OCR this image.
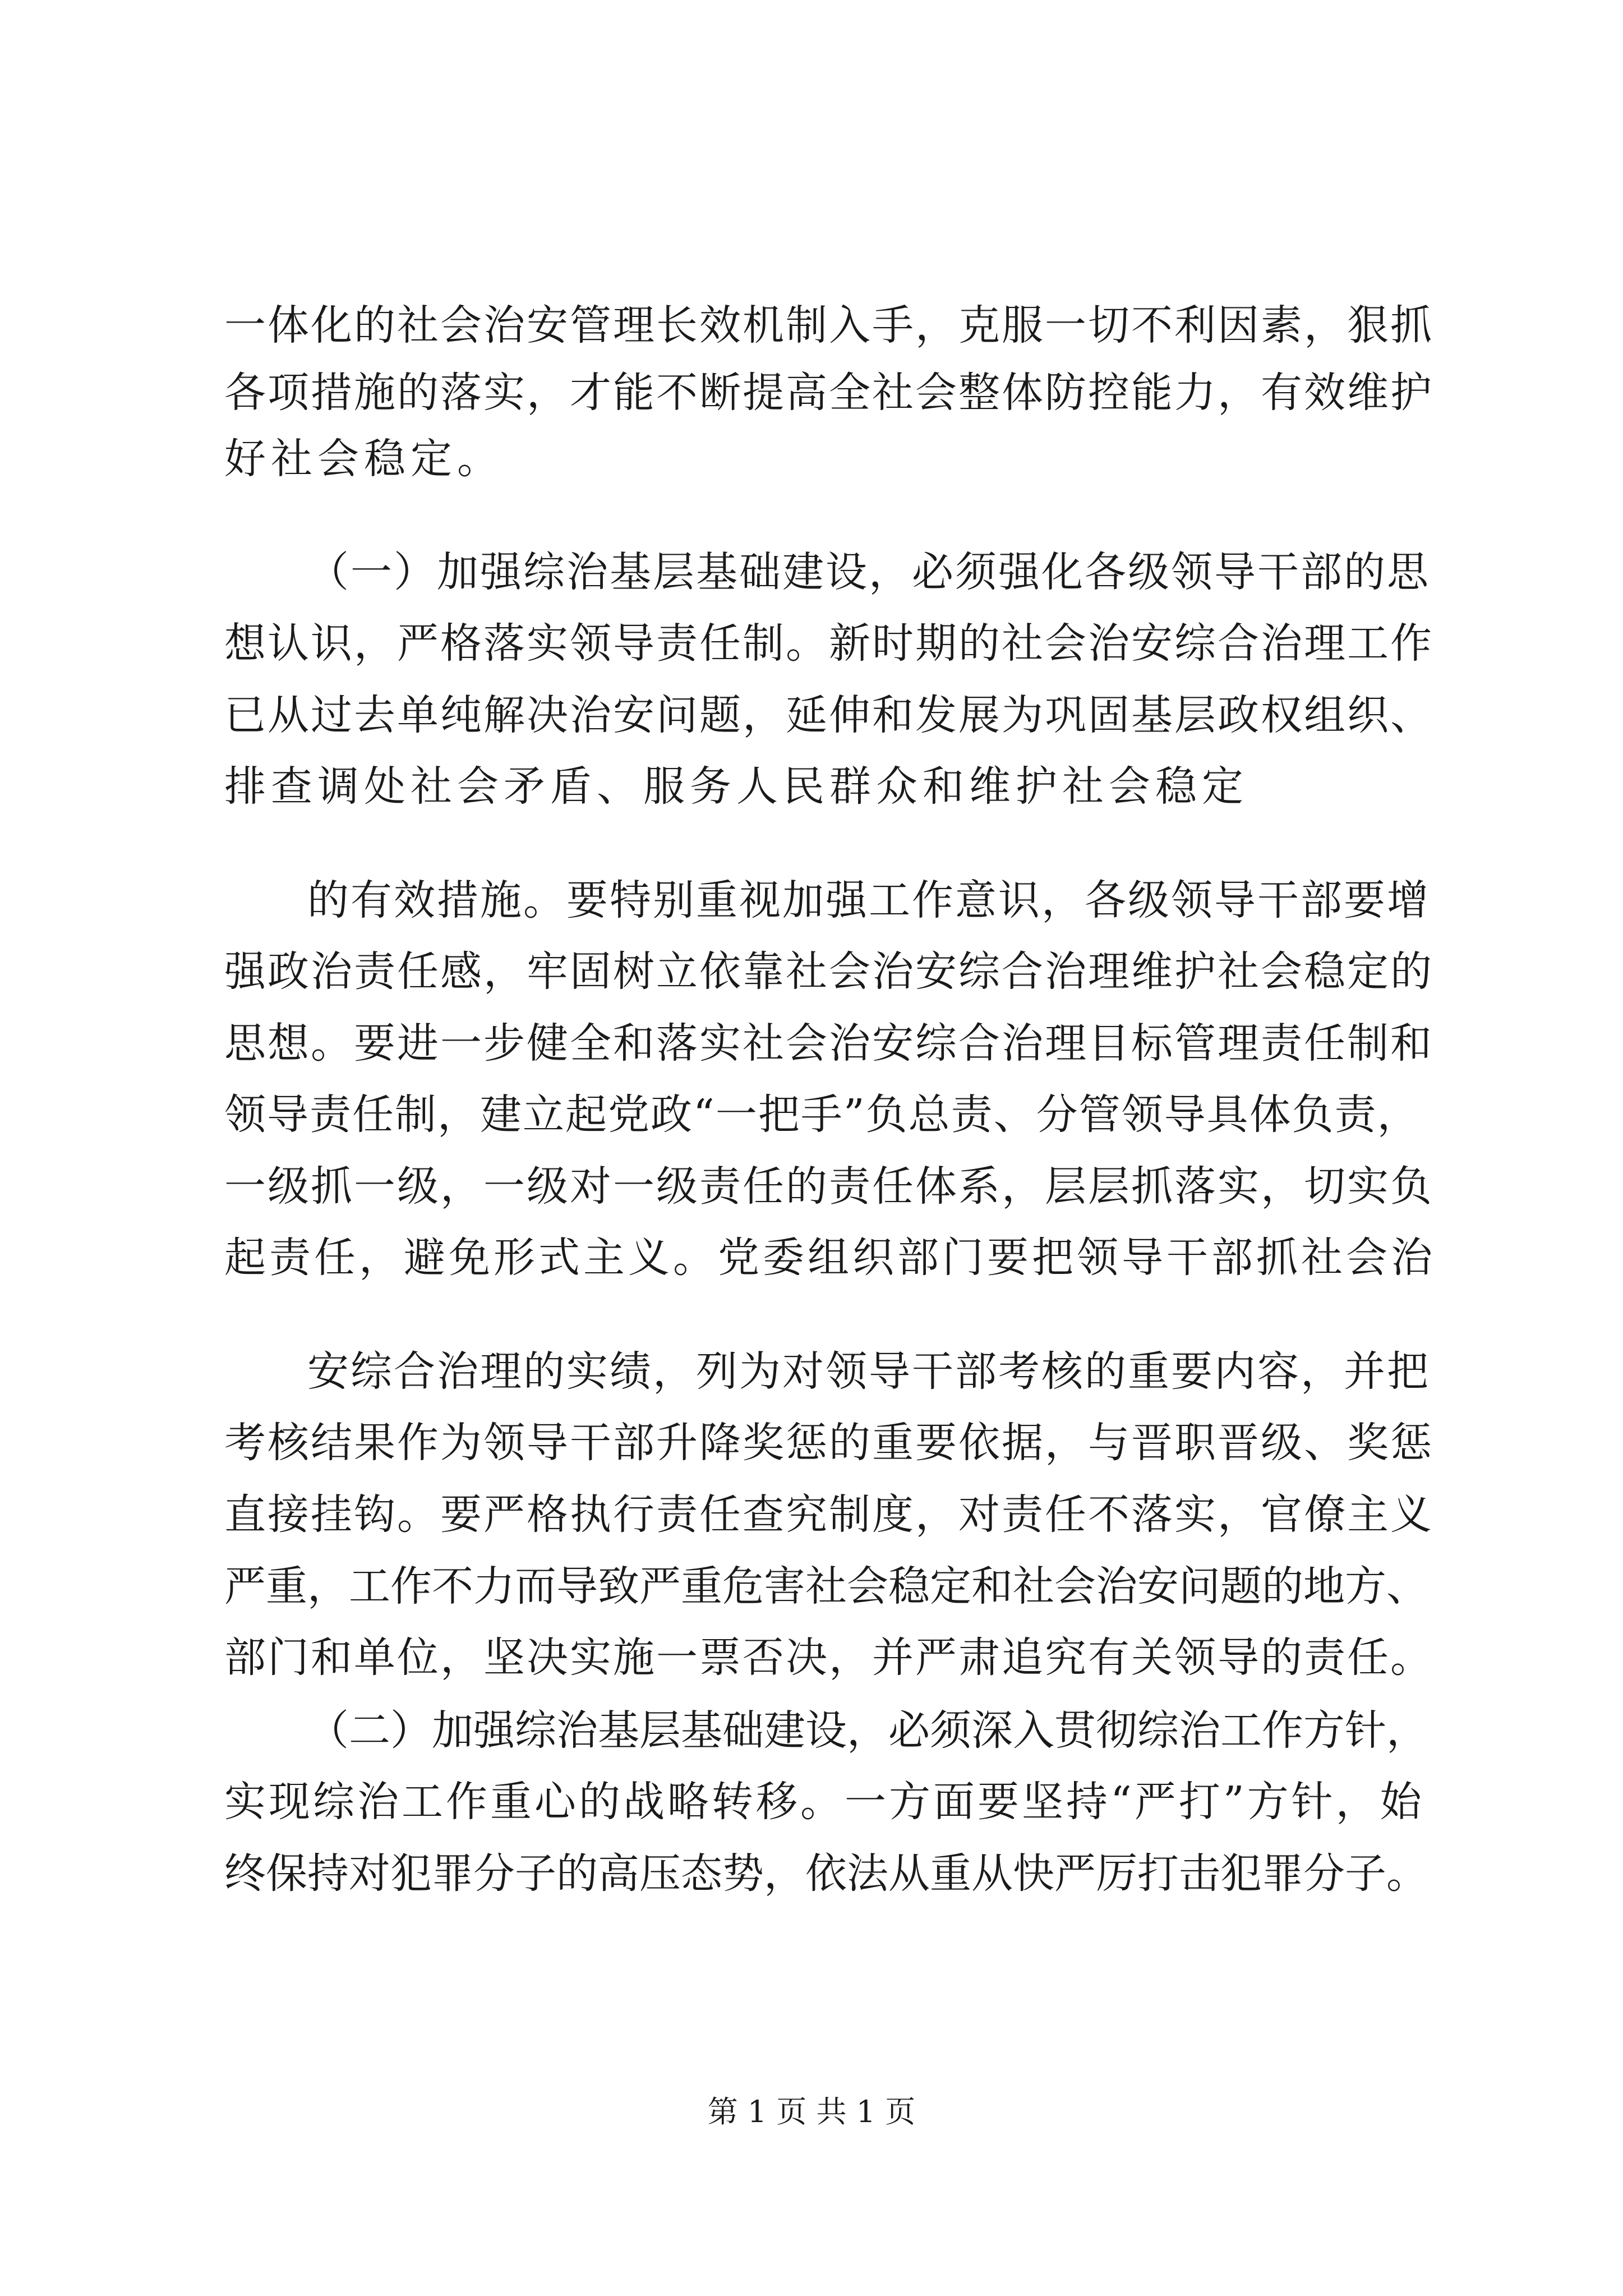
一体化的社会治安管理长效机制入手，克服一切不利因素，狠抓
各项措施的落实，才能不断提高全社会整体防控能力，有效维护
好社会稳定。
（一）加强综治基层基础建设，必须强化各级领导干部的思
想认识，严格落实领导责任制。新时期的社会治安综合治理工作
已从过去单纯解决治安问题，延伸和发展为巩固基层政权组织、
排查调处社会矛盾、服务人民群众和维护社会稳定
的有效措施。要特别重视加强工作意识，各级领导干部要增
强政治责任感，牢固树立依靠社会治安综合治理维护社会稳定的
思想。要进一步健全和落实社会治安综合治理目标管理责任制和
领导责任制，建立起党政“一把手”负总责、分管领导具体负责，
一级抓一级，一级对一级责任的责任体系，层层抓落实，切实负
起责任，避免形式主义。党委组织部门要把领导干部抓社会治
安综合治理的实绩，列为对领导干部考核的重要内容，并把
考核结果作为领导干部升降奖惩的重要依据，与晋职晋级、奖惩
直接挂钩。要严格执行责任查究制度，对责任不落实，官僚主义
严重，工作不力而导致严重危害社会稳定和社会治安问题的地方、
部门和单位，坚决实施一票否决，并严肃追究有关领导的责任。
（二）加强综治基层基础建设，必须深入贯彻综治工作方针，
实现综治工作重心的战略转移。一方面要坚持“严打”方针，始
终保持对犯罪分子的高压态势，依法从重从快严厉打击犯罪分子。
第 1 页 共 1 页
